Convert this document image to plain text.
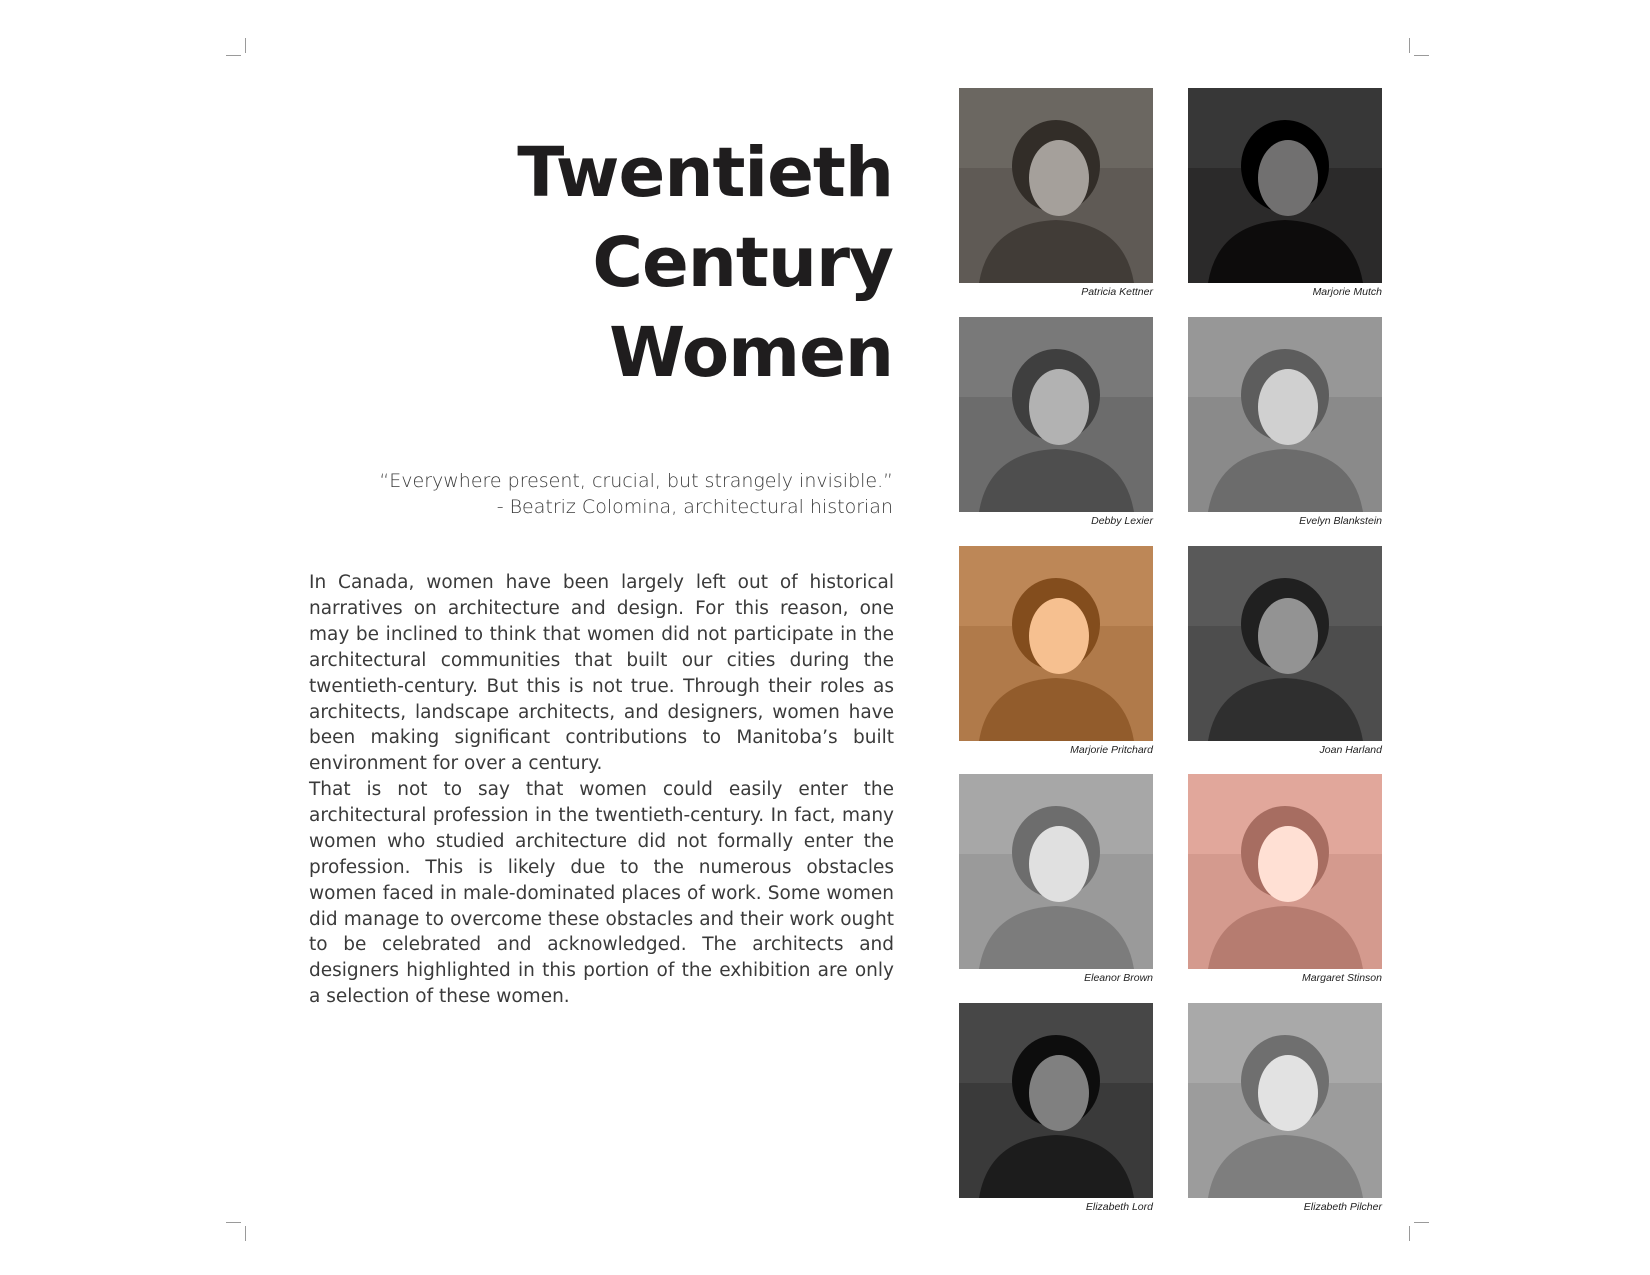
Twentieth
Century
Women
“Everywhere present, crucial, but strangely invisible.”
- Beatriz Colomina, architectural historian

In Canada, women have been largely left out of historical narratives on architecture and design. For this reason, one may be inclined to think that women did not participate in the architectural communities that built our cities during the twentieth-century. But this is not true. Through their roles as architects, landscape architects, and designers, women have been making significant contributions to Manitoba’s built environment for over a century.

That is not to say that women could easily enter the architectural profession in the twentieth-century. In fact, many women who studied architecture did not formally enter the profession. This is likely due to the numerous obstacles women faced in male-dominated places of work. Some women did manage to overcome these obstacles and their work ought to be celebrated and acknowledged. The architects and designers highlighted in this portion of the exhibition are only a selection of these women.

Patricia Kettner	Marjorie Mutch
Debby Lexier	Evelyn Blankstein
Marjorie Pritchard	Joan Harland
Eleanor Brown	Margaret Stinson
Elizabeth Lord	Elizabeth Pilcher
